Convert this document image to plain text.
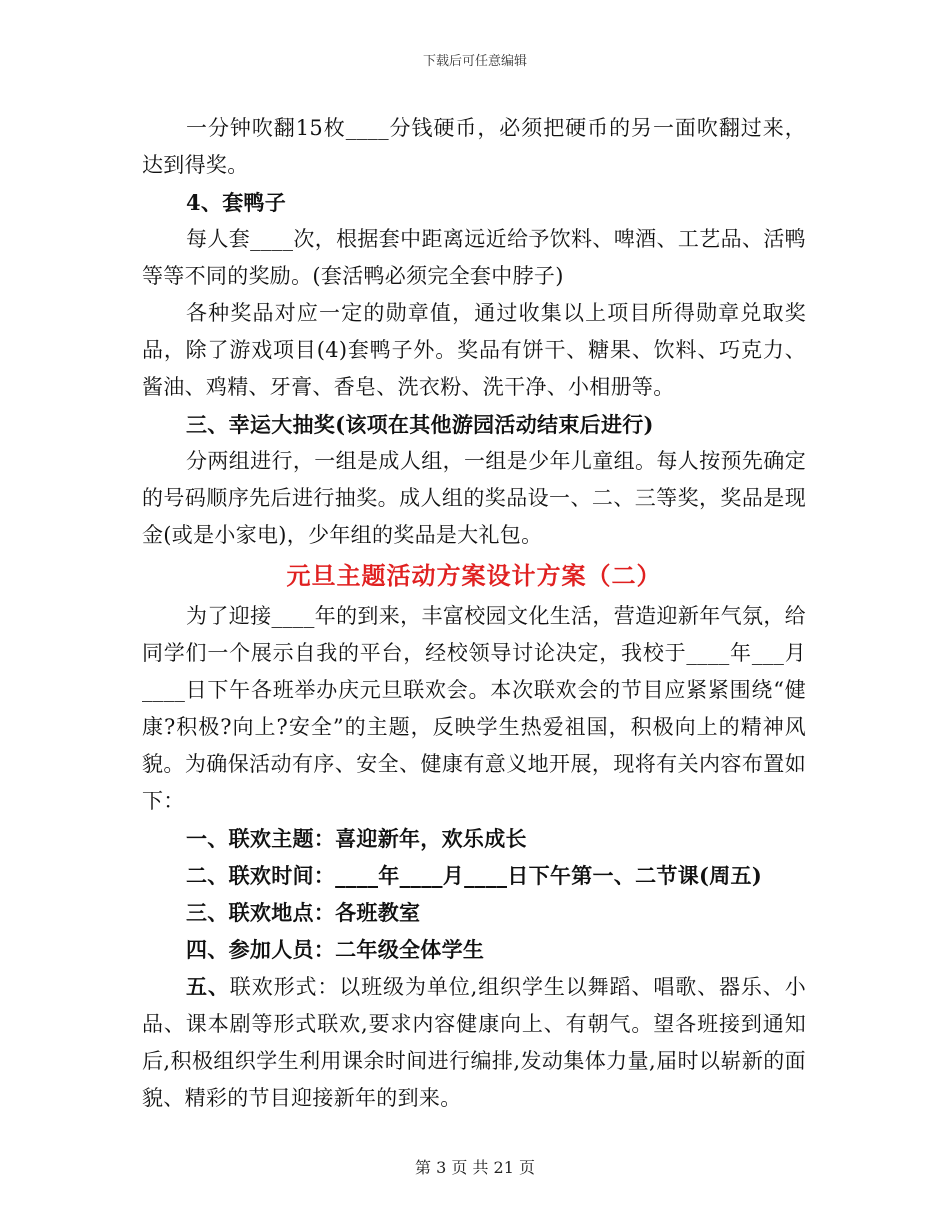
下载后可任意编辑

一分钟吹翻15枚____分钱硬币，必须把硬币的另一面吹翻过来，达到得奖。

4、套鸭子

每人套____次，根据套中距离远近给予饮料、啤酒、工艺品、活鸭等等不同的奖励。(套活鸭必须完全套中脖子)

各种奖品对应一定的勋章值，通过收集以上项目所得勋章兑取奖品，除了游戏项目(4)套鸭子外。奖品有饼干、糖果、饮料、巧克力、酱油、鸡精、牙膏、香皂、洗衣粉、洗干净、小相册等。

三、幸运大抽奖(该项在其他游园活动结束后进行)

分两组进行，一组是成人组，一组是少年儿童组。每人按预先确定的号码顺序先后进行抽奖。成人组的奖品设一、二、三等奖，奖品是现金(或是小家电)，少年组的奖品是大礼包。

元旦主题活动方案设计方案（二）

为了迎接____年的到来，丰富校园文化生活，营造迎新年气氛，给同学们一个展示自我的平台，经校领导讨论决定，我校于____年___月____日下午各班举办庆元旦联欢会。本次联欢会的节目应紧紧围绕“健康?积极?向上?安全”的主题，反映学生热爱祖国，积极向上的精神风貌。为确保活动有序、安全、健康有意义地开展，现将有关内容布置如下：

一、联欢主题：喜迎新年，欢乐成长

二、联欢时间：____年____月____日下午第一、二节课(周五)

三、联欢地点：各班教室

四、参加人员：二年级全体学生

五、联欢形式：以班级为单位,组织学生以舞蹈、唱歌、器乐、小品、课本剧等形式联欢,要求内容健康向上、有朝气。望各班接到通知后,积极组织学生利用课余时间进行编排,发动集体力量,届时以崭新的面貌、精彩的节目迎接新年的到来。

第 3 页 共 21 页
